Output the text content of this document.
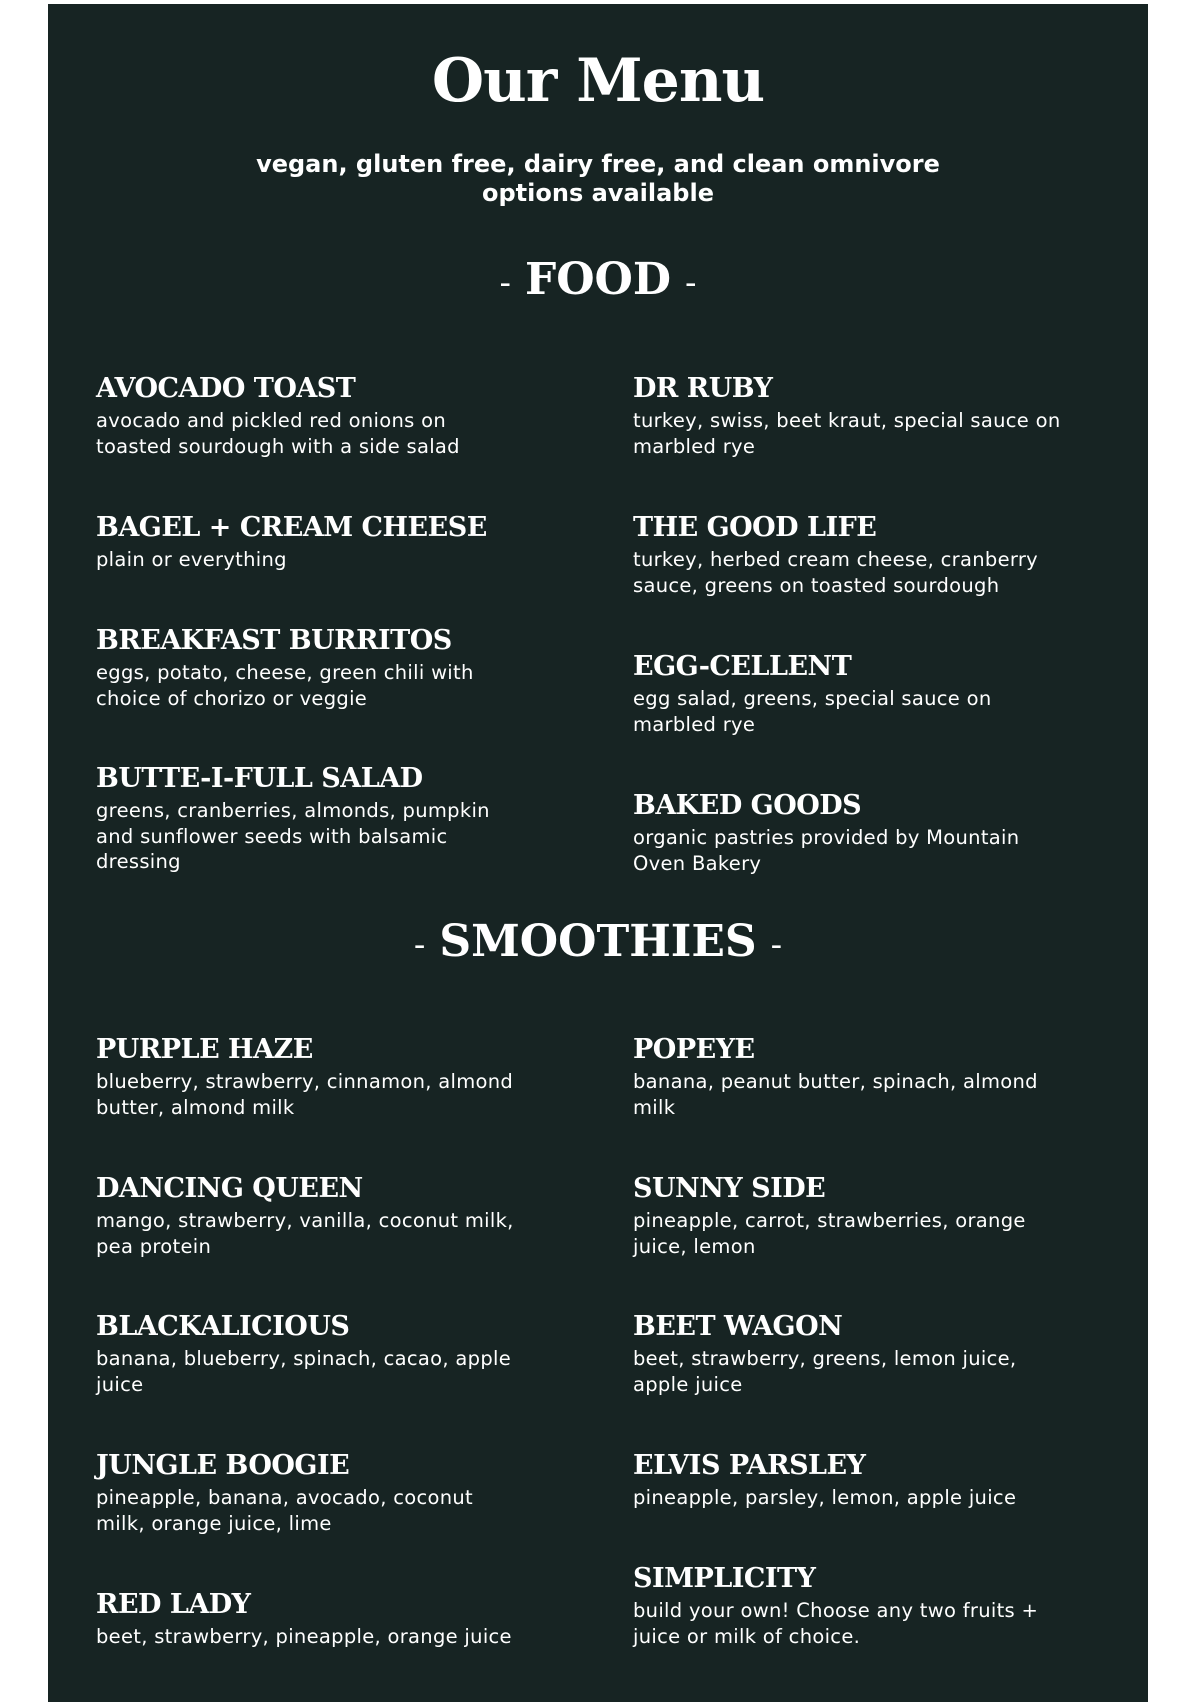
Our Menu
vegan, gluten free, dairy free, and clean omnivore options available
- FOOD -
AVOCADO TOAST
avocado and pickled red onions on toasted sourdough with a side salad
BAGEL + CREAM CHEESE
plain or everything
BREAKFAST BURRITOS
eggs, potato, cheese, green chili with choice of chorizo or veggie
BUTTE-I-FULL SALAD
greens, cranberries, almonds, pumpkin and sunflower seeds with balsamic dressing
DR RUBY
turkey, swiss, beet kraut, special sauce on marbled rye
THE GOOD LIFE
turkey, herbed cream cheese, cranberry sauce, greens on toasted sourdough
EGG-CELLENT
egg salad, greens, special sauce on marbled rye
BAKED GOODS
organic pastries provided by Mountain Oven Bakery
- SMOOTHIES -
PURPLE HAZE
blueberry, strawberry, cinnamon, almond butter, almond milk
DANCING QUEEN
mango, strawberry, vanilla, coconut milk, pea protein
BLACKALICIOUS
banana, blueberry, spinach, cacao, apple juice
JUNGLE BOOGIE
pineapple, banana, avocado, coconut milk, orange juice, lime
RED LADY
beet, strawberry, pineapple, orange juice
POPEYE
banana, peanut butter, spinach, almond milk
SUNNY SIDE
pineapple, carrot, strawberries, orange juice, lemon
BEET WAGON
beet, strawberry, greens, lemon juice, apple juice
ELVIS PARSLEY
pineapple, parsley, lemon, apple juice
SIMPLICITY
build your own! Choose any two fruits + juice or milk of choice.
